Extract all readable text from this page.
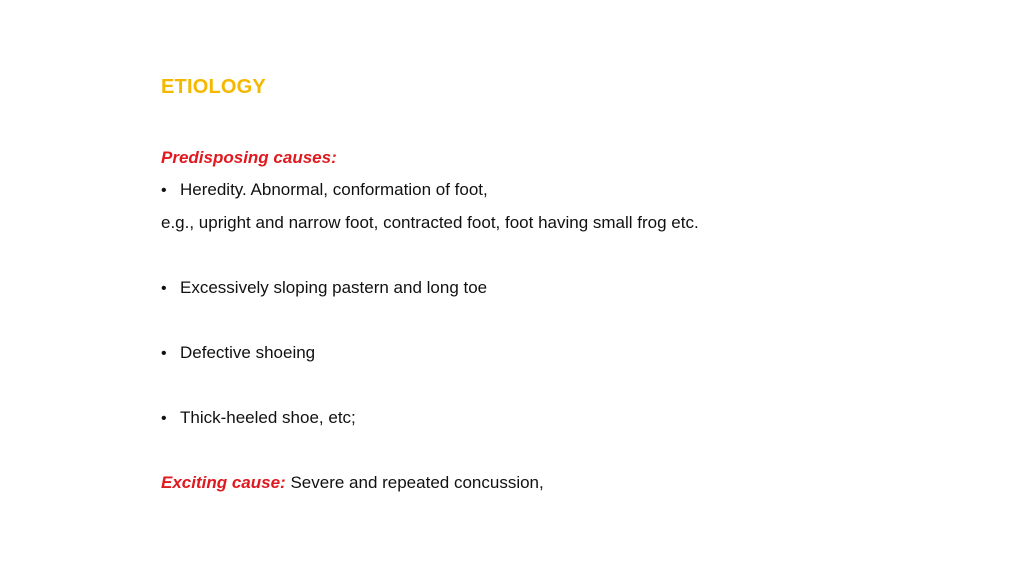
ETIOLOGY
Predisposing causes:
• Heredity. Abnormal, conformation of foot,
e.g., upright and narrow foot, contracted foot, foot having small frog etc.
• Excessively sloping pastern and long toe
• Defective shoeing
• Thick-heeled shoe, etc;
Exciting cause: Severe and repeated concussion,
